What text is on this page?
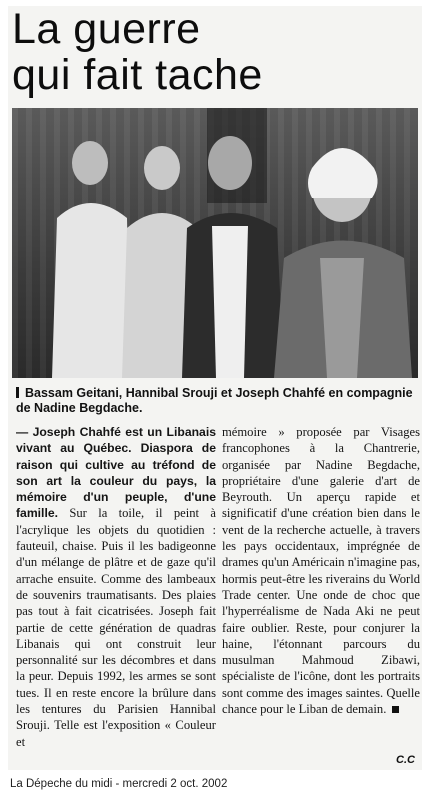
La guerre
qui fait tache
Bassam Geitani, Hannibal Srouji et Joseph Chahfé en compagnie de Nadine Begdache.
— Joseph Chahfé est un Libanais vivant au Québec. Diaspora de raison qui cultive au tréfond de son art la couleur du pays, la mémoire d'un peuple, d'une famille. Sur la toile, il peint à l'acrylique les objets du quotidien : fauteuil, chaise. Puis il les badigeonne d'un mélange de plâtre et de gaze qu'il arrache ensuite. Comme des lambeaux de souvenirs traumatisants. Des plaies pas tout à fait cicatrisées. Joseph fait partie de cette génération de quadras Libanais qui ont construit leur personnalité sur les décombres et dans la peur. Depuis 1992, les armes se sont tues. Il en reste encore la brûlure dans les tentures du Parisien Hannibal Srouji. Telle est l'exposition « Couleur et
mémoire » proposée par Visages francophones à la Chantrerie, organisée par Nadine Begdache, propriétaire d'une galerie d'art de Beyrouth. Un aperçu rapide et significatif d'une création bien dans le vent de la recherche actuelle, à travers les pays occidentaux, imprégnée de drames qu'un Américain n'imagine pas, hormis peut-être les riverains du World Trade center. Une onde de choc que l'hyperréalisme de Nada Aki ne peut faire oublier. Reste, pour conjurer la haine, l'étonnant parcours du musulman Mahmoud Zibawi, spécialiste de l'icône, dont les portraits sont comme des images saintes. Quelle chance pour le Liban de demain.
C.C
La Dépeche du midi - mercredi 2 oct. 2002
